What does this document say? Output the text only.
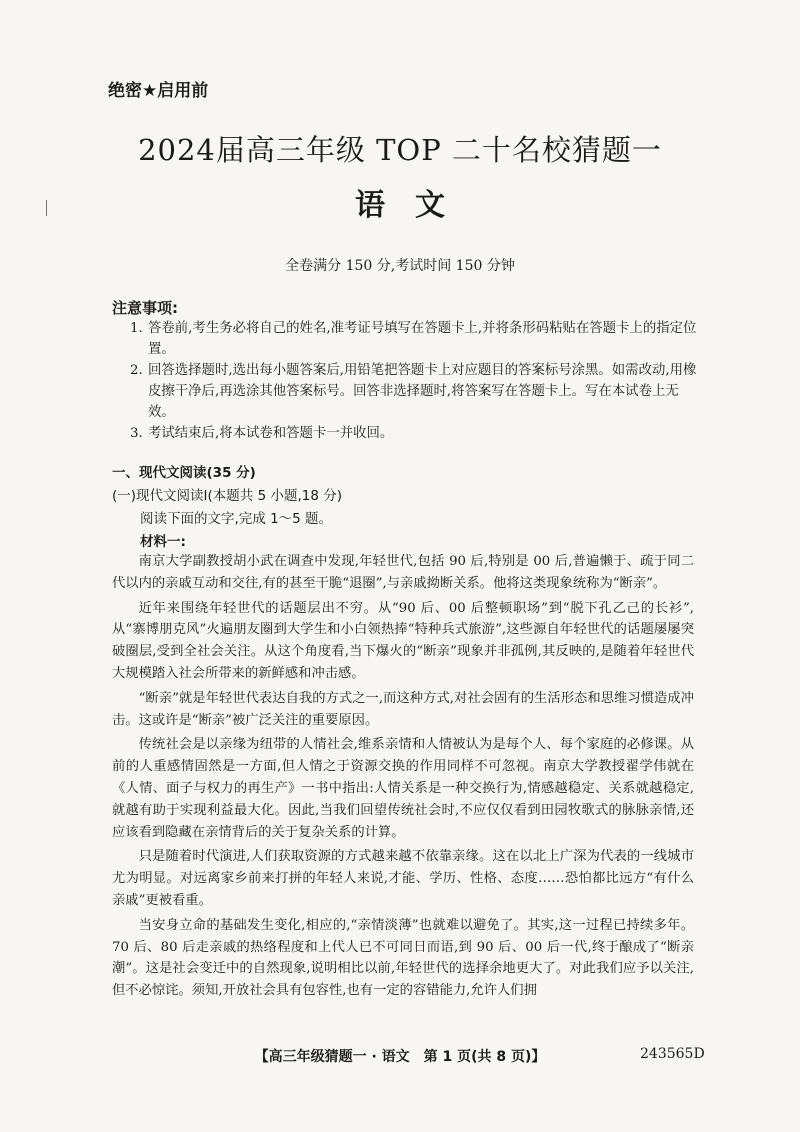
绝密★启用前
2024届高三年级 TOP 二十名校猜题一
语文
全卷满分 150 分,考试时间 150 分钟
注意事项:

1. 答卷前,考生务必将自己的姓名,准考证号填写在答题卡上,并将条形码粘贴在答题卡上的指定位置。

2. 回答选择题时,选出每小题答案后,用铅笔把答题卡上对应题目的答案标号涂黑。如需改动,用橡皮擦干净后,再选涂其他答案标号。回答非选择题时,将答案写在答题卡上。写在本试卷上无效。

3. 考试结束后,将本试卷和答题卡一并收回。

一、现代文阅读(35 分)
(一)现代文阅读Ⅰ(本题共 5 小题,18 分)
阅读下面的文字,完成 1～5 题。
材料一:

南京大学副教授胡小武在调查中发现,年轻世代,包括 90 后,特别是 00 后,普遍懒于、疏于同二代以内的亲戚互动和交往,有的甚至干脆“退圈”,与亲戚拗断关系。他将这类现象统称为“断亲”。

近年来围绕年轻世代的话题层出不穷。从“90 后、00 后整顿职场”到“脱下孔乙己的长衫”,从“寨博朋克风”火遍朋友圈到大学生和小白领热捧“特种兵式旅游”,这些源自年轻世代的话题屡屡突破圈层,受到全社会关注。从这个角度看,当下爆火的“断亲”现象并非孤例,其反映的,是随着年轻世代大规模踏入社会所带来的新鲜感和冲击感。

“断亲”就是年轻世代表达自我的方式之一,而这种方式,对社会固有的生活形态和思维习惯造成冲击。这或许是“断亲”被广泛关注的重要原因。

传统社会是以亲缘为纽带的人情社会,维系亲情和人情被认为是每个人、每个家庭的必修课。从前的人重感情固然是一方面,但人情之于资源交换的作用同样不可忽视。南京大学教授翟学伟就在《人情、面子与权力的再生产》一书中指出:人情关系是一种交换行为,情感越稳定、关系就越稳定,就越有助于实现利益最大化。因此,当我们回望传统社会时,不应仅仅看到田园牧歌式的脉脉亲情,还应该看到隐藏在亲情背后的关于复杂关系的计算。

只是随着时代演进,人们获取资源的方式越来越不依靠亲缘。这在以北上广深为代表的一线城市尤为明显。对远离家乡前来打拼的年轻人来说,才能、学历、性格、态度……恐怕都比远方“有什么亲戚”更被看重。

当安身立命的基础发生变化,相应的,“亲情淡薄”也就难以避免了。其实,这一过程已持续多年。70 后、80 后走亲戚的热络程度和上代人已不可同日而语,到 90 后、00 后一代,终于酿成了“断亲潮”。这是社会变迁中的自然现象,说明相比以前,年轻世代的选择余地更大了。对此我们应予以关注,但不必惊诧。须知,开放社会具有包容性,也有一定的容错能力,允许人们拥

【高三年级猜题一 · 语文　第 1 页(共 8 页)】	243565D
